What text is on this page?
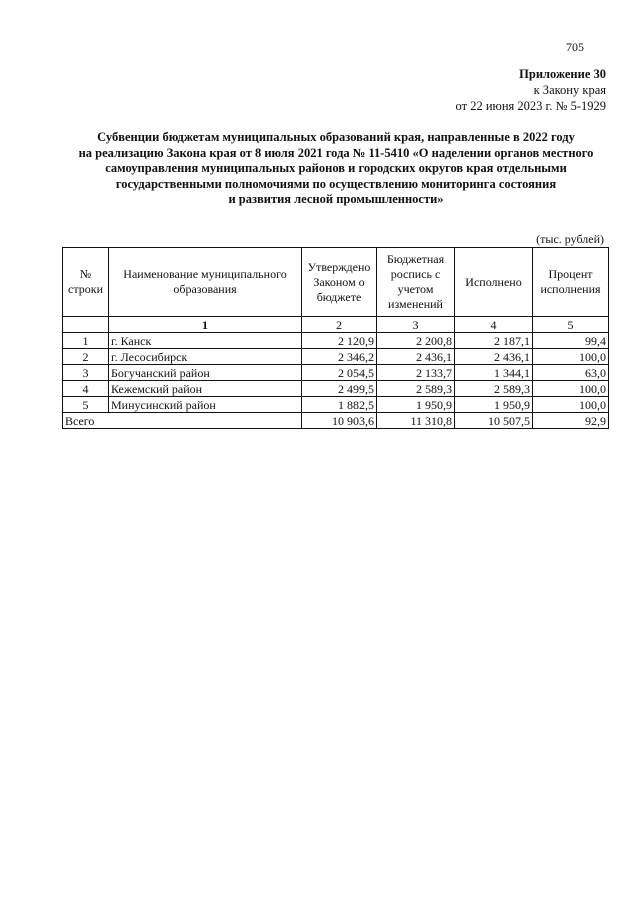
705
Приложение 30
к Закону края
от 22 июня 2023 г. № 5-1929
Субвенции бюджетам муниципальных образований края, направленные в 2022 году
на реализацию Закона края от 8 июля 2021 года № 11-5410 «О наделении органов местного
самоуправления муниципальных районов и городских округов края отдельными
государственными полномочиями по осуществлению мониторинга состояния
и развития лесной промышленности»
(тыс. рублей)
№ строки	Наименование муниципального образования	Утверждено Законом о бюджете	Бюджетная роспись с учетом изменений	Исполнено	Процент исполнения
	1	2	3	4	5
1	г. Канск	2 120,9	2 200,8	2 187,1	99,4
2	г. Лесосибирск	2 346,2	2 436,1	2 436,1	100,0
3	Богучанский район	2 054,5	2 133,7	1 344,1	63,0
4	Кежемский район	2 499,5	2 589,3	2 589,3	100,0
5	Минусинский район	1 882,5	1 950,9	1 950,9	100,0
Всего		10 903,6	11 310,8	10 507,5	92,9
